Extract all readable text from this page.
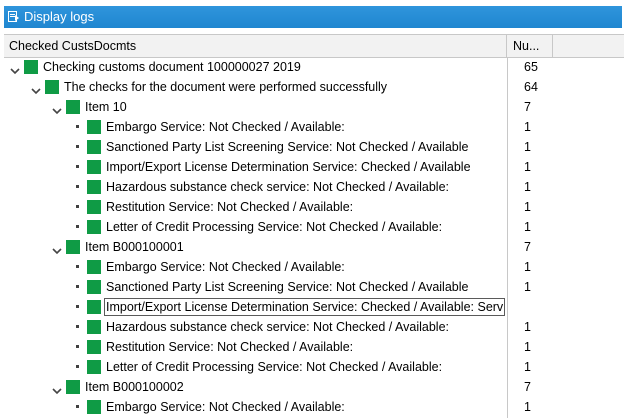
Display logs
Checked CustsDocmts	Nu...
Checking customs document 100000027 2019	65
The checks for the document were performed successfully	64
Item 10	7
Embargo Service: Not Checked / Available:	1
Sanctioned Party List Screening Service: Not Checked / Available	1
Import/Export License Determination Service: Checked / Available	1
Hazardous substance check service: Not Checked / Available:	1
Restitution Service: Not Checked / Available:	1
Letter of Credit Processing Service: Not Checked / Available:	1
Item B000100001	7
Embargo Service: Not Checked / Available:	1
Sanctioned Party List Screening Service: Not Checked / Available	1
Import/Export License Determination Service: Checked / Available: Serv
Hazardous substance check service: Not Checked / Available:	1
Restitution Service: Not Checked / Available:	1
Letter of Credit Processing Service: Not Checked / Available:	1
Item B000100002	7
Embargo Service: Not Checked / Available:	1
